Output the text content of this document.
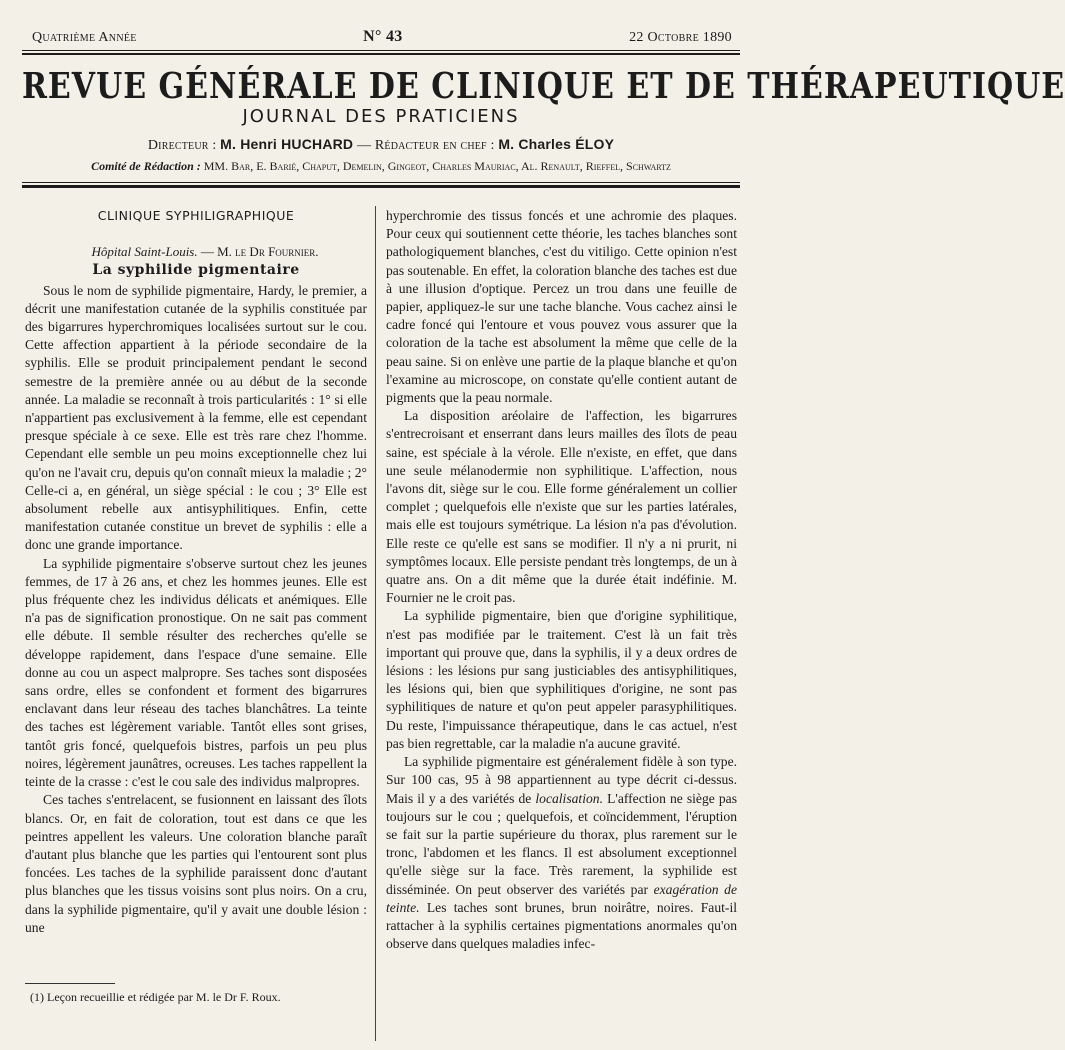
Quatrième Année	N° 43	22 Octobre 1890
REVUE GÉNÉRALE DE CLINIQUE ET DE THÉRAPEUTIQUE
JOURNAL DES PRATICIENS
Directeur : M. Henri HUCHARD — Rédacteur en chef : M. Charles ÉLOY
Comité de Rédaction : MM. Bar, E. Barié, Chaput, Demelin, Gingeot, Charles Mauriac, Al. Renault, Rieffel, Schwartz
CLINIQUE SYPHILIGRAPHIQUE

Hôpital Saint-Louis. — M. le Dr Fournier.

La syphilide pigmentaire

Sous le nom de syphilide pigmentaire, Hardy, le premier, a décrit une manifestation cutanée de la syphilis constituée par des bigarrures hyperchromiques localisées surtout sur le cou. Cette affection appartient à la période secondaire de la syphilis. Elle se produit principalement pendant le second semestre de la première année ou au début de la seconde année. La maladie se reconnaît à trois particularités : 1° si elle n'appartient pas exclusivement à la femme, elle est cependant presque spéciale à ce sexe. Elle est très rare chez l'homme. Cependant elle semble un peu moins exceptionnelle chez lui qu'on ne l'avait cru, depuis qu'on connaît mieux la maladie ; 2° Celle-ci a, en général, un siège spécial : le cou ; 3° Elle est absolument rebelle aux antisyphilitiques. Enfin, cette manifestation cutanée constitue un brevet de syphilis : elle a donc une grande importance.

La syphilide pigmentaire s'observe surtout chez les jeunes femmes, de 17 à 26 ans, et chez les hommes jeunes. Elle est plus fréquente chez les individus délicats et anémiques. Elle n'a pas de signification pronostique. On ne sait pas comment elle débute. Il semble résulter des recherches qu'elle se développe rapidement, dans l'espace d'une semaine. Elle donne au cou un aspect malpropre. Ses taches sont disposées sans ordre, elles se confondent et forment des bigarrures enclavant dans leur réseau des taches blanchâtres. La teinte des taches est légèrement variable. Tantôt elles sont grises, tantôt gris foncé, quelquefois bistres, parfois un peu plus noires, légèrement jaunâtres, ocreuses. Les taches rappellent la teinte de la crasse : c'est le cou sale des individus malpropres.

Ces taches s'entrelacent, se fusionnent en laissant des îlots blancs. Or, en fait de coloration, tout est dans ce que les peintres appellent les valeurs. Une coloration blanche paraît d'autant plus blanche que les parties qui l'entourent sont plus foncées. Les taches de la syphilide paraissent donc d'autant plus blanches que les tissus voisins sont plus noirs. On a cru, dans la syphilide pigmentaire, qu'il y avait une double lésion : une

hyperchromie des tissus foncés et une achromie des plaques. Pour ceux qui soutiennent cette théorie, les taches blanches sont pathologiquement blanches, c'est du vitiligo. Cette opinion n'est pas soutenable. En effet, la coloration blanche des taches est due à une illusion d'optique. Percez un trou dans une feuille de papier, appliquez-le sur une tache blanche. Vous cachez ainsi le cadre foncé qui l'entoure et vous pouvez vous assurer que la coloration de la tache est absolument la même que celle de la peau saine. Si on enlève une partie de la plaque blanche et qu'on l'examine au microscope, on constate qu'elle contient autant de pigments que la peau normale.

La disposition aréolaire de l'affection, les bigarrures s'entrecroisant et enserrant dans leurs mailles des îlots de peau saine, est spéciale à la vérole. Elle n'existe, en effet, que dans une seule mélanodermie non syphilitique. L'affection, nous l'avons dit, siège sur le cou. Elle forme généralement un collier complet ; quelquefois elle n'existe que sur les parties latérales, mais elle est toujours symétrique. La lésion n'a pas d'évolution. Elle reste ce qu'elle est sans se modifier. Il n'y a ni prurit, ni symptômes locaux. Elle persiste pendant très longtemps, de un à quatre ans. On a dit même que la durée était indéfinie. M. Fournier ne le croit pas.

La syphilide pigmentaire, bien que d'origine syphilitique, n'est pas modifiée par le traitement. C'est là un fait très important qui prouve que, dans la syphilis, il y a deux ordres de lésions : les lésions pur sang justiciables des antisyphilitiques, les lésions qui, bien que syphilitiques d'origine, ne sont pas syphilitiques de nature et qu'on peut appeler parasyphilitiques. Du reste, l'impuissance thérapeutique, dans le cas actuel, n'est pas bien regrettable, car la maladie n'a aucune gravité.

La syphilide pigmentaire est généralement fidèle à son type. Sur 100 cas, 95 à 98 appartiennent au type décrit ci-dessus. Mais il y a des variétés de localisation. L'affection ne siège pas toujours sur le cou ; quelquefois, et coïncidemment, l'éruption se fait sur la partie supérieure du thorax, plus rarement sur le tronc, l'abdomen et les flancs. Il est absolument exceptionnel qu'elle siège sur la face. Très rarement, la syphilide est disséminée. On peut observer des variétés par exagération de teinte. Les taches sont brunes, brun noirâtre, noires. Faut-il rattacher à la syphilis certaines pigmentations anormales qu'on observe dans quelques maladies infec-

(1) Leçon recueillie et rédigée par M. le Dr F. Roux.
